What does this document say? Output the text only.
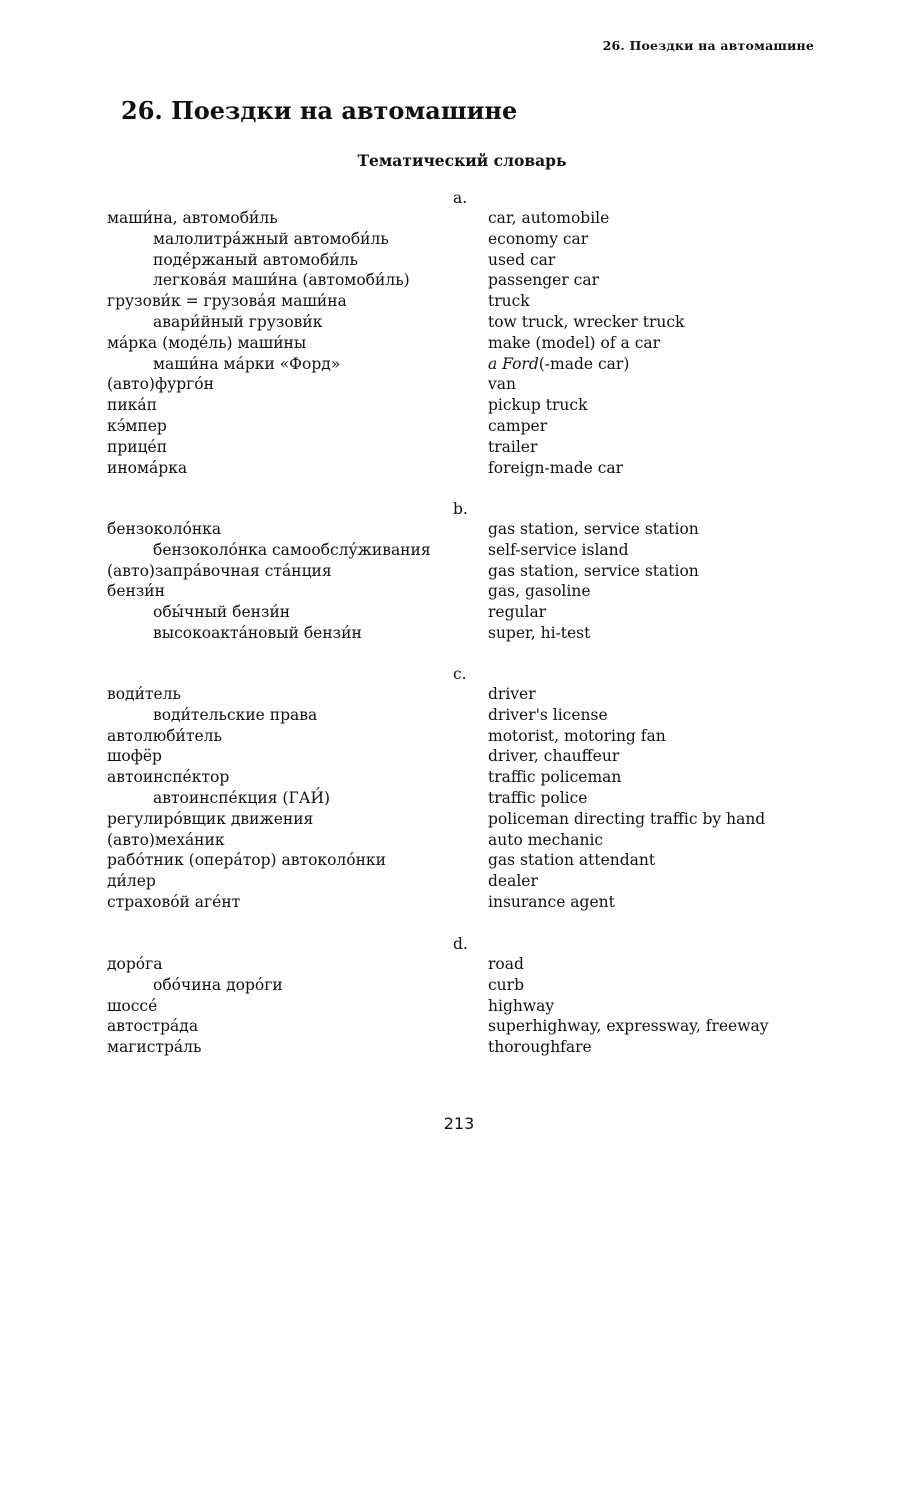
26. Поездки на автомашине
26. Поездки на автомашине
Тематический словарь
a.
маши́на, автомоби́ль	car, automobile
малолитра́жный автомоби́ль	economy car
подéржаный автомоби́ль	used car
легкова́я маши́на (автомоби́ль)	passenger car
грузови́к = грузова́я маши́на	truck
авари́йный грузови́к	tow truck, wrecker truck
ма́рка (моде́ль) маши́ны	make (model) of a car
маши́на ма́рки «Форд»	a Ford(-made car)
(авто)фурго́н	van
пика́п	pickup truck
кэ́мпер	camper
прице́п	trailer
инома́рка	foreign-made car
b.
бензоколо́нка	gas station, service station
бензоколо́нка самообслу́живания	self-service island
(авто)запра́вочная ста́нция	gas station, service station
бензи́н	gas, gasoline
обы́чный бензи́н	regular
высокоакта́новый бензи́н	super, hi-test
c.
води́тель	driver
води́тельские права	driver's license
автолюби́тель	motorist, motoring fan
шофёр	driver, chauffeur
автоинспе́ктор	traffic policeman
автоинспе́кция (ГАИ́)	traffic police
регулиро́вщик движения	policeman directing traffic by hand
(авто)меха́ник	auto mechanic
рабо́тник (опера́тор) автоколо́нки	gas station attendant
ди́лер	dealer
страхово́й аге́нт	insurance agent
d.
доро́га	road
обо́чина доро́ги	curb
шоссе́	highway
автостра́да	superhighway, expressway, freeway
магистра́ль	thoroughfare
213
